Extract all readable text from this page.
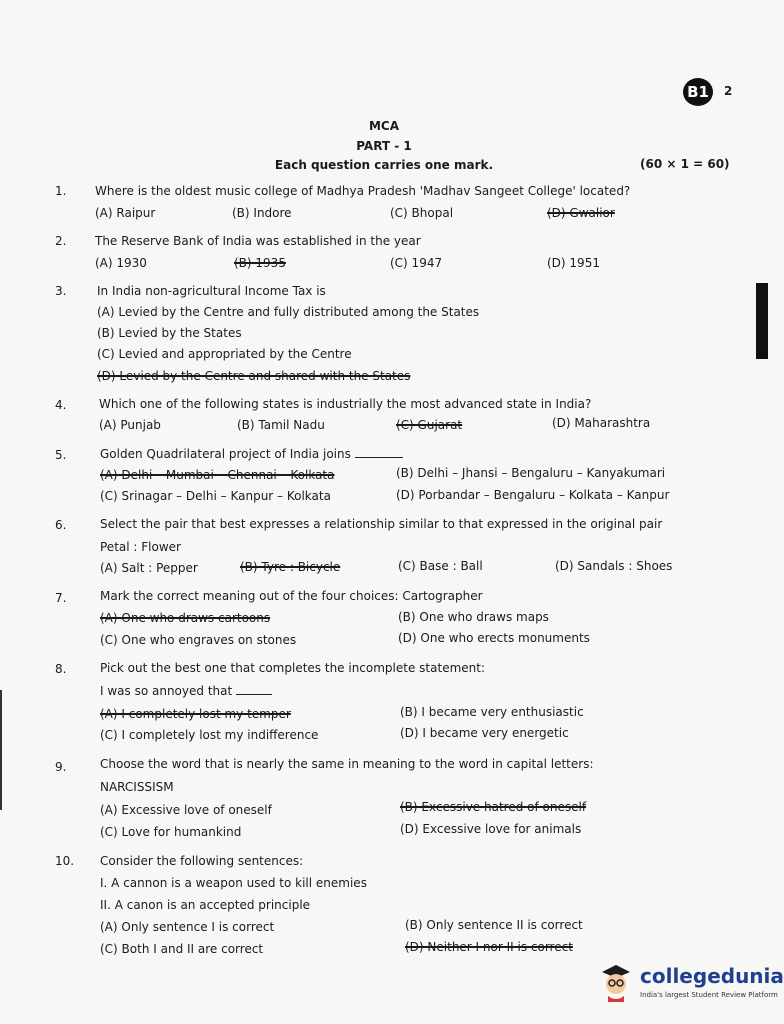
B1	2
MCA
PART - 1
Each question carries one mark.	(60 × 1 = 60)
1. Where is the oldest music college of Madhya Pradesh 'Madhav Sangeet College' located?
(A) Raipur	(B) Indore	(C) Bhopal	(D) Gwalior
2. The Reserve Bank of India was established in the year
(A) 1930	(B) 1935	(C) 1947	(D) 1951
3.	In India non-agricultural Income Tax is
(A) Levied by the Centre and fully distributed among the States
(B) Levied by the States
(C) Levied and appropriated by the Centre
(D) Levied by the Centre and shared with the States
4.	Which one of the following states is industrially the most advanced state in India?
(A) Punjab	(B) Tamil Nadu	(C) Gujarat	(D) Maharashtra
5.	Golden Quadrilateral project of India joins
(A) Delhi – Mumbai – Chennai – Kolkata	(B) Delhi – Jhansi – Bengaluru – Kanyakumari
(C) Srinagar – Delhi – Kanpur – Kolkata	(D) Porbandar – Bengaluru – Kolkata – Kanpur
6.	Select the pair that best expresses a relationship similar to that expressed in the original pair
Petal : Flower
(A) Salt : Pepper	(B) Tyre : Bicycle	(C) Base : Ball	(D) Sandals : Shoes
7.	Mark the correct meaning out of the four choices: Cartographer
(A) One who draws cartoons	(B) One who draws maps
(C) One who engraves on stones	(D) One who erects monuments
8.	Pick out the best one that completes the incomplete statement:
I was so annoyed that
(A) I completely lost my temper	(B) I became very enthusiastic
(C) I completely lost my indifference	(D) I became very energetic
9.	Choose the word that is nearly the same in meaning to the word in capital letters:
NARCISSISM
(A) Excessive love of oneself	(B) Excessive hatred of oneself
(C) Love for humankind	(D) Excessive love for animals
10. Consider the following sentences:
I. A cannon is a weapon used to kill enemies
II. A canon is an accepted principle
(A) Only sentence I is correct	(B) Only sentence II is correct
(C) Both I and II are correct	(D) Neither I nor II is correct
collegedunia
India's largest Student Review Platform
